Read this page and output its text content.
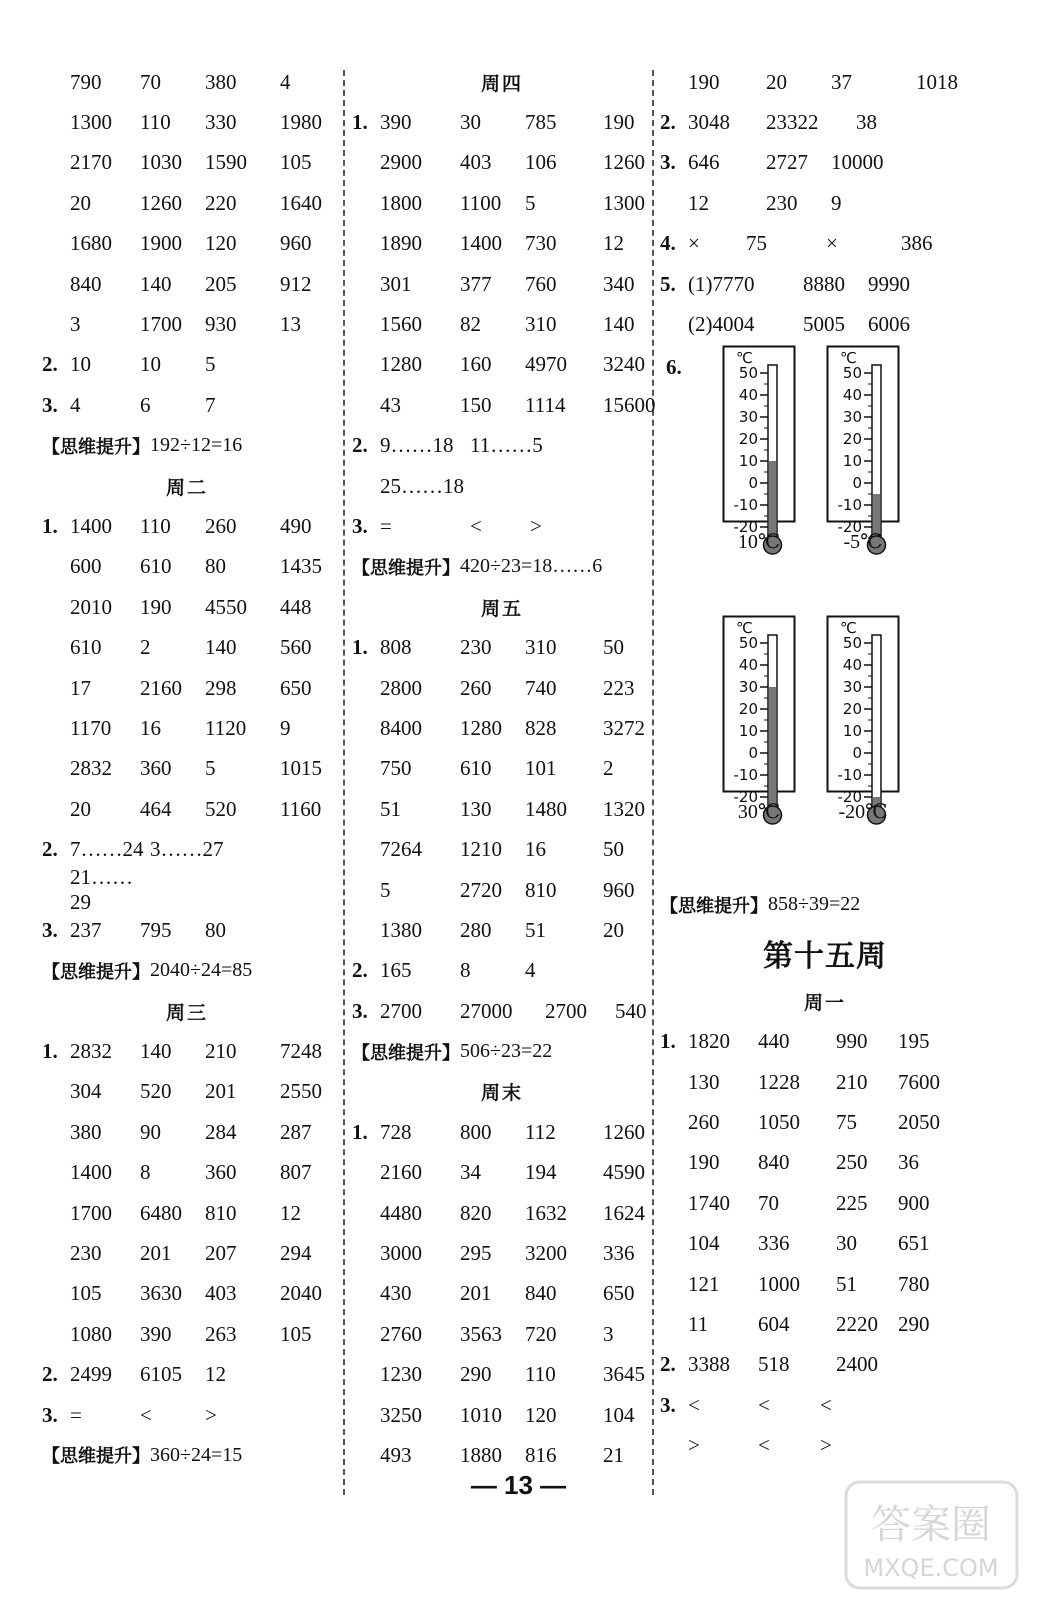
790	70	380	4
1300	110	330	1980
2170	1030	1590	105
20	1260	220	1640
1680	1900	120	960
840	140	205	912
3	1700	930	13
2. 10	10	5
3. 4	6	7
【思维提升】 192÷12=16
周二
1. 1400	110	260	490
600	610	80	1435
2010	190	4550	448
610	2	140	560
17	2160	298	650
1170	16	1120	9
2832	360	5	1015
20	464	520	1160
2. 7……24 3……27
21……29
3. 237	795	80
【思维提升】 2040÷24=85
周三
1. 2832	140	210	7248
304	520	201	2550
380	90	284	287
1400	8	360	807
1700	6480	810	12
230	201	207	294
105	3630	403	2040
1080	390	263	105
2. 2499	6105	12
3. =	<	>
【思维提升】 360÷24=15
周四
1. 390	30	785	190
2900	403	106	1260
1800	1100	5	1300
1890	1400	730	12
301	377	760	340
1560	82	310	140
1280	160	4970	3240
43	150	1114	15600
2. 9……18 11……5
25……18
3. =	<	>
【思维提升】 420÷23=18……6
周五
1. 808	230	310	50
2800	260	740	223
8400	1280	828	3272
750	610	101	2
51	130	1480	1320
7264	1210	16	50
5	2720	810	960
1380	280	51	20
2. 165	8	4
3. 2700	27000	2700	540
【思维提升】 506÷23=22
周末
1. 728	800	112	1260
2160	34	194	4590
4480	820	1632	1624
3000	295	3200	336
430	201	840	650
2760	3563	720	3
1230	290	110	3645
3250	1010	120	104
493	1880	816	21
190	20	37	1018
2. 3048	23322	38
3. 646	2727	10000
12	230	9
4. ×	75	×	386
5. (1)7770	8880	9990
(2)4004	5005	6006
6.	℃
50
40
30
20
10
0
-10
-20
10℃
℃
50
40
30
20
10
0
-10
-20
-5℃
℃
50
40
30
20
10
0
-10
-20
30℃
℃
50
40
30
20
10
0
-10
-20
-20℃
【思维提升】 858÷39=22
第十五周
周一
1. 1820	440	990	195
130	1228	210	7600
260	1050	75	2050
190	840	250	36
1740	70	225	900
104	336	30	651
121	1000	51	780
11	604	2220 290
2. 3388	518	2400
3. <	<	<
>	<	>
— 13 —
答案圈
MXQE.COM
